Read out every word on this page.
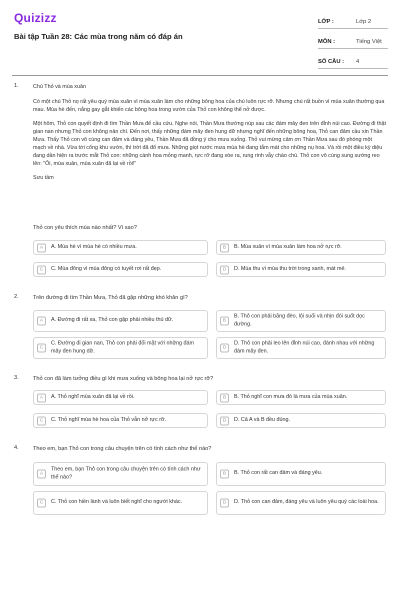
Quizizz
Bài tập Tuần 28: Các mùa trong năm có đáp án
LỚP :	Lớp 2
MÔN :	Tiếng Việt
SỐ CÂU :	4
1.	Chú Thỏ và mùa xuân

Có một chú Thỏ nọ rất yêu quý mùa xuân vì mùa xuân làm cho những bông hoa của chú luôn rực rỡ. Nhưng chú rất buồn vì mùa xuân thường qua mau. Mùa hè đến, nắng gay gắt khiến các bông hoa trong vườn của Thỏ con không thể nở được.

Một hôm, Thỏ con quyết định đi tìm Thần Mưa để cầu cứu. Nghe nói, Thần Mưa thường núp sau các đám mây đen trên đỉnh núi cao. Đường đi thật gian nan nhưng Thỏ con không nản chí. Đến nơi, thấy những đám mây đen hung dữ nhưng nghĩ đến những bông hoa, Thỏ can đảm cầu xin Thần Mưa. Thấy Thỏ con vô cùng can đảm và đáng yêu, Thần Mưa đã đồng ý cho mưa xuống. Thỏ vui mừng cảm ơn Thần Mưa sau đó phóng một mạch về nhà. Vừa tới cổng khu vườn, thì trời đã đổ mưa. Những giọt nước mưa mùa hè đang tắm mát cho những nụ hoa. Và rồi một điều kỳ diệu đang dần hiện ra trước mắt Thỏ con: những cánh hoa mỏng manh, rực rỡ đang xòe ra, rung rinh vẫy chào chú. Thỏ con vô cùng sung sướng reo lên: "Ôi, mùa xuân, mùa xuân đã lại về rồi!"

Sưu tầm

Thỏ con yêu thích mùa nào nhất? Vì sao?
A	A. Mùa hè vì mùa hè có nhiều mưa.	B	B. Mùa xuân vì mùa xuân làm hoa nở rực rỡ.
C	C. Mùa đông vì mùa đông có tuyết rơi rất đẹp.	D	D. Mùa thu vì mùa thu trời trong xanh, mát mẻ.
2.	Trên đường đi tìm Thần Mưa, Thỏ đã gặp những khó khăn gì?
A	A. Đường đi rất xa, Thỏ con gặp phải nhiều thú dữ.	B
B. Thỏ con phải băng đèo, lội suối và nhịn đói suốt dọc đường.
C
C. Đường đi gian nan, Thỏ con phải đối mặt với những đám mây đen hung dữ.	D
D. Thỏ con phải leo lên đỉnh núi cao, đánh nhau với những đám mây đen.
3.	Thỏ con đã làm tưởng điều gì khi mưa xuống và bông hoa lại nở rực rỡ?
A	A. Thỏ nghĩ mùa xuân đã lại về rồi.	B	B. Thỏ nghĩ con mưa đó là mưa của mùa xuân.
C	C. Thỏ nghĩ mùa hè hoa của Thỏ vẫn nở rực rỡ.	D	D. Cả A và B đều đúng.
4.	Theo em, bạn Thỏ con trong câu chuyện trên có tính cách như thế nào?
A
Theo em, bạn Thỏ con trong câu chuyện trên có tính cách như thế nào?	B	B. Thỏ con rất can đảm và đáng yêu.
C	C. Thỏ con hiền lành và luôn biết nghĩ cho người khác.	D	D. Thỏ con can đảm, đáng yêu và luôn yêu quý các loài hoa.
